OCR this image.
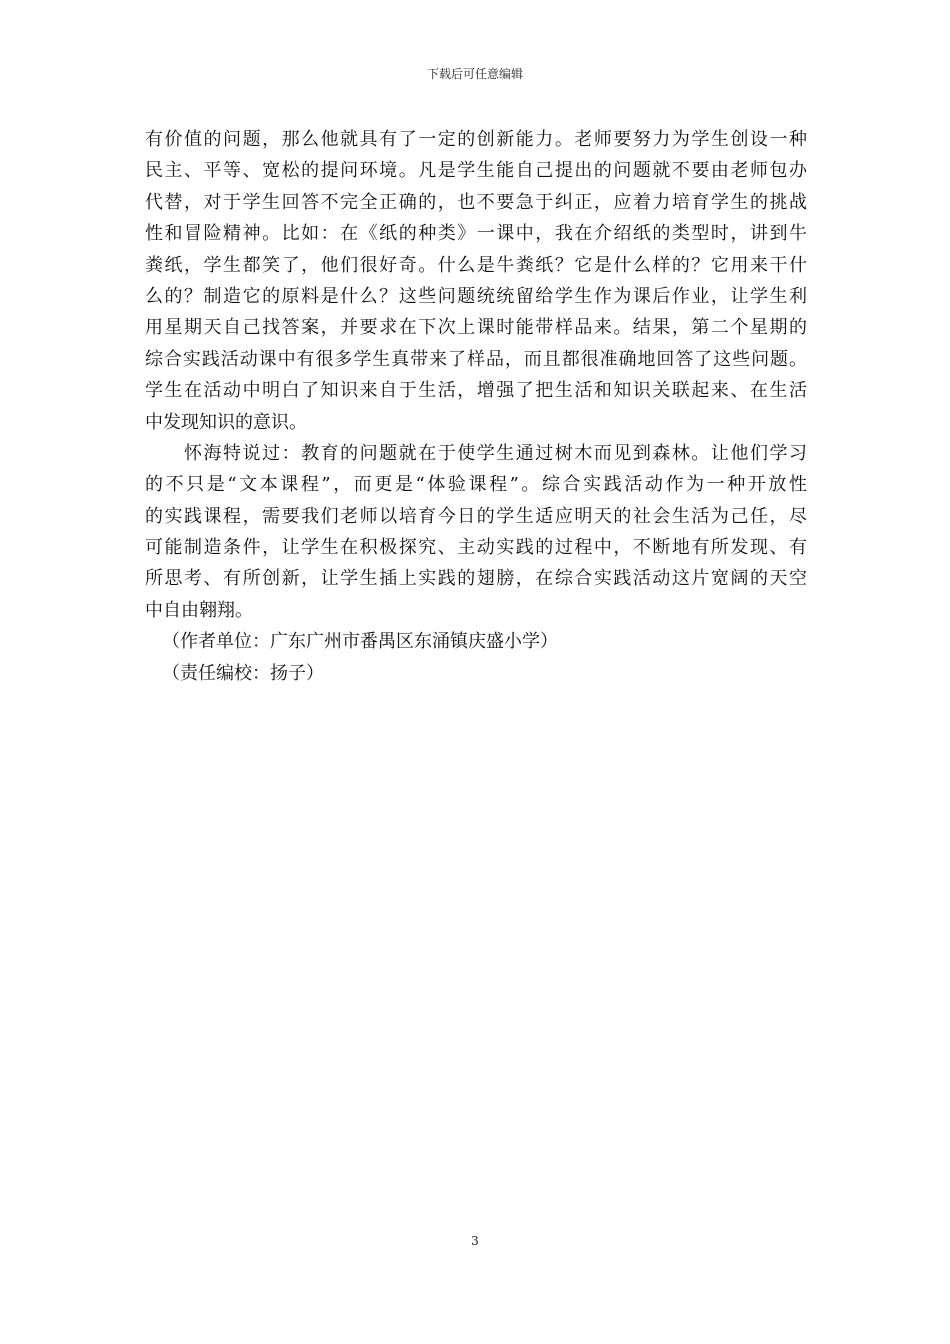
下载后可任意编辑
有价值的问题，那么他就具有了一定的创新能力。老师要努力为学生创设一种
民主、平等、宽松的提问环境。凡是学生能自己提出的问题就不要由老师包办
代替，对于学生回答不完全正确的，也不要急于纠正，应着力培育学生的挑战
性和冒险精神。比如：在《纸的种类》一课中，我在介绍纸的类型时，讲到牛
粪纸，学生都笑了，他们很好奇。什么是牛粪纸？它是什么样的？它用来干什
么的？制造它的原料是什么？这些问题统统留给学生作为课后作业，让学生利
用星期天自己找答案，并要求在下次上课时能带样品来。结果，第二个星期的
综合实践活动课中有很多学生真带来了样品，而且都很准确地回答了这些问题。
学生在活动中明白了知识来自于生活，增强了把生活和知识关联起来、在生活
中发现知识的意识。
怀海特说过：教育的问题就在于使学生通过树木而见到森林。让他们学习
的不只是“文本课程”，而更是“体验课程”。综合实践活动作为一种开放性
的实践课程，需要我们老师以培育今日的学生适应明天的社会生活为己任，尽
可能制造条件，让学生在积极探究、主动实践的过程中，不断地有所发现、有
所思考、有所创新，让学生插上实践的翅膀，在综合实践活动这片宽阔的天空
中自由翱翔。
（作者单位：广东广州市番禺区东涌镇庆盛小学）
（责任编校：扬子）
3
